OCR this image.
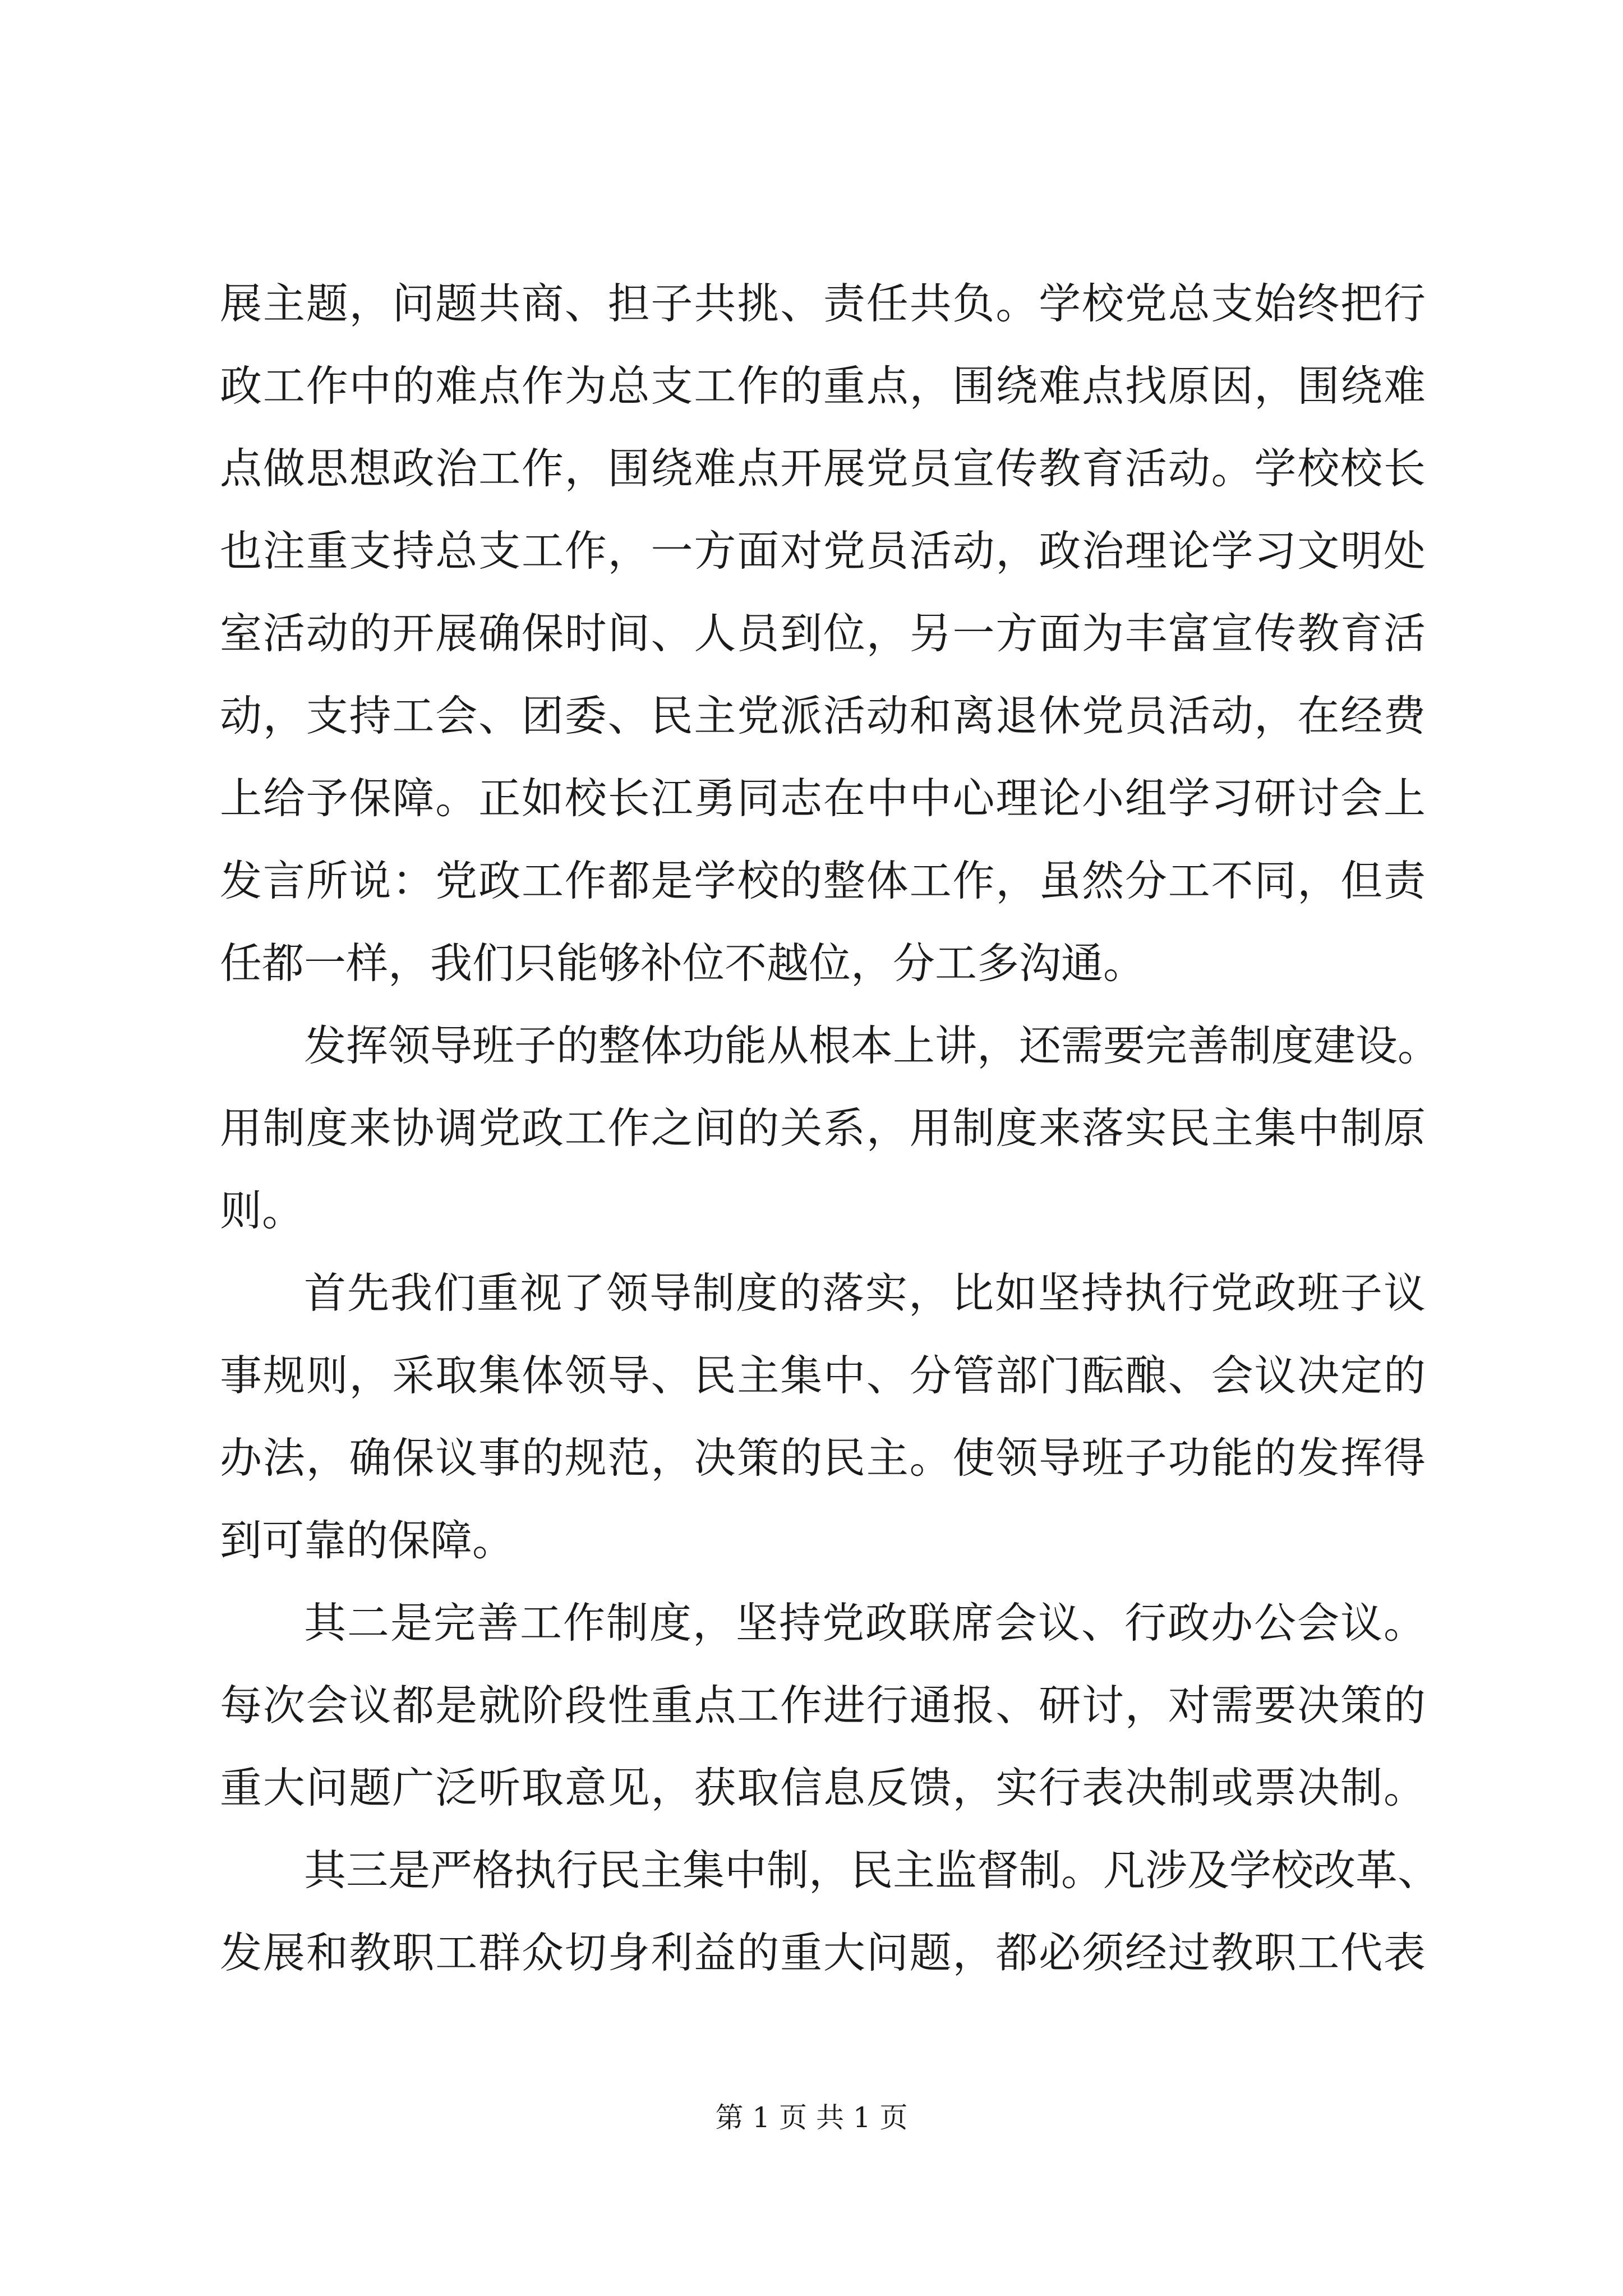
展主题，问题共商、担子共挑、责任共负。学校党总支始终把行
政工作中的难点作为总支工作的重点，围绕难点找原因，围绕难
点做思想政治工作，围绕难点开展党员宣传教育活动。学校校长
也注重支持总支工作，一方面对党员活动，政治理论学习文明处
室活动的开展确保时间、人员到位，另一方面为丰富宣传教育活
动，支持工会、团委、民主党派活动和离退休党员活动，在经费
上给予保障。正如校长江勇同志在中中心理论小组学习研讨会上
发言所说：党政工作都是学校的整体工作，虽然分工不同，但责
任都一样，我们只能够补位不越位，分工多沟通。
发挥领导班子的整体功能从根本上讲，还需要完善制度建设。
用制度来协调党政工作之间的关系，用制度来落实民主集中制原
则。
首先我们重视了领导制度的落实，比如坚持执行党政班子议
事规则，采取集体领导、民主集中、分管部门酝酿、会议决定的
办法，确保议事的规范，决策的民主。使领导班子功能的发挥得
到可靠的保障。
其二是完善工作制度，坚持党政联席会议、行政办公会议。
每次会议都是就阶段性重点工作进行通报、研讨，对需要决策的
重大问题广泛听取意见，获取信息反馈，实行表决制或票决制。
其三是严格执行民主集中制，民主监督制。凡涉及学校改革、
发展和教职工群众切身利益的重大问题，都必须经过教职工代表
第 1 页 共 1 页
